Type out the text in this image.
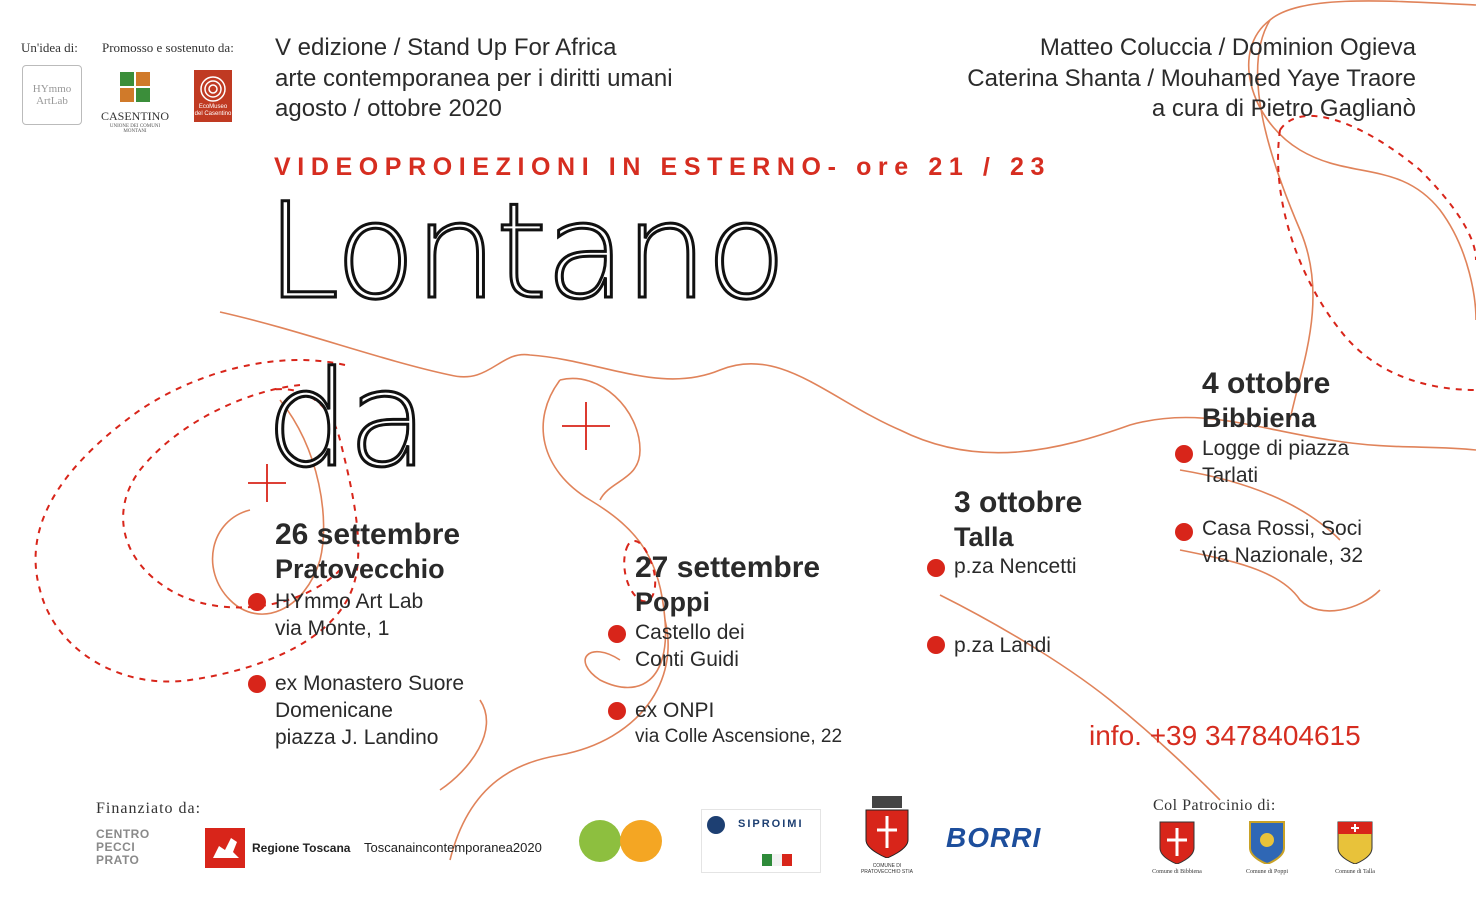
Un'idea di: Promosso e sostenuto da:
HYmmo ArtLab
CASENTINO
UNIONE DEI COMUNI MONTANI
EcoMuseo del Casentino
V edizione / Stand Up For Africa
arte contemporanea per i diritti umani
agosto / ottobre 2020
Matteo Coluccia / Dominion Ogieva
Caterina Shanta / Mouhamed Yaye Traore
a cura di Pietro Gaglianò
VIDEOPROIEZIONI IN ESTERNO- ore 21 / 23
Lontano
da
26 settembre
Pratovecchio
HYmmo Art Lab
via Monte, 1
ex Monastero Suore
Domenicane
piazza J. Landino
27 settembre
Poppi
Castello dei
Conti Guidi
ex ONPI
via Colle Ascensione, 22
3 ottobre
Talla
p.za Nencetti
p.za Landi
4 ottobre
Bibbiena
Logge di piazza
Tarlati
Casa Rossi, Soci
via Nazionale, 32
info. +39 3478404615
Finanziato da:
CENTRO PECCI PRATO
Regione Toscana Toscanaincontemporanea2020
SIPROIMI
COMUNE DI PRATOVECCHIO STIA
BORRI
Col Patrocinio di:
Comune di Bibbiena	Comune di Poppi	Comune di Talla
